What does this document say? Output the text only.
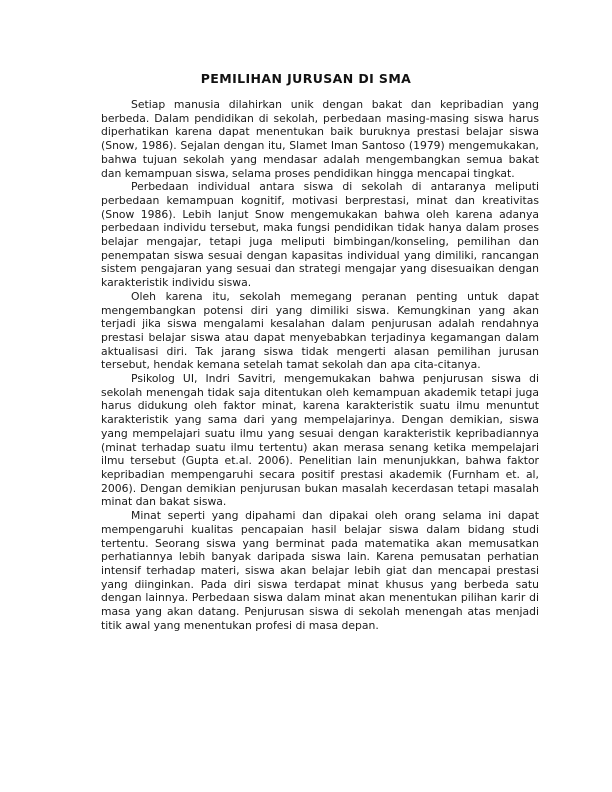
PEMILIHAN JURUSAN DI SMA

Setiap manusia dilahirkan unik dengan bakat dan kepribadian yang berbeda. Dalam pendidikan di sekolah, perbedaan masing-masing siswa harus diperhatikan karena dapat menentukan baik buruknya prestasi belajar siswa (Snow, 1986). Sejalan dengan itu, Slamet Iman Santoso (1979) mengemukakan, bahwa tujuan sekolah yang mendasar adalah mengembangkan semua bakat dan kemampuan siswa, selama proses pendidikan hingga mencapai tingkat.

Perbedaan individual antara siswa di sekolah di antaranya meliputi perbedaan kemampuan kognitif, motivasi berprestasi, minat dan kreativitas (Snow 1986). Lebih lanjut Snow mengemukakan bahwa oleh karena adanya perbedaan individu tersebut, maka fungsi pendidikan tidak hanya dalam proses belajar mengajar, tetapi juga meliputi bimbingan/konseling, pemilihan dan penempatan siswa sesuai dengan kapasitas individual yang dimiliki, rancangan sistem pengajaran yang sesuai dan strategi mengajar yang disesuaikan dengan karakteristik individu siswa.

Oleh karena itu, sekolah memegang peranan penting untuk dapat mengembangkan potensi diri yang dimiliki siswa. Kemungkinan yang akan terjadi jika siswa mengalami kesalahan dalam penjurusan adalah rendahnya prestasi belajar siswa atau dapat menyebabkan terjadinya kegamangan dalam aktualisasi diri. Tak jarang siswa tidak mengerti alasan pemilihan jurusan tersebut, hendak kemana setelah tamat sekolah dan apa cita-citanya.

Psikolog UI, Indri Savitri, mengemukakan bahwa penjurusan siswa di sekolah menengah tidak saja ditentukan oleh kemampuan akademik tetapi juga harus didukung oleh faktor minat, karena karakteristik suatu ilmu menuntut karakteristik yang sama dari yang mempelajarinya. Dengan demikian, siswa yang mempelajari suatu ilmu yang sesuai dengan karakteristik kepribadiannya (minat terhadap suatu ilmu tertentu) akan merasa senang ketika mempelajari ilmu tersebut (Gupta et.al. 2006). Penelitian lain menunjukkan, bahwa faktor kepribadian mempengaruhi secara positif prestasi akademik (Furnham et. al, 2006). Dengan demikian penjurusan bukan masalah kecerdasan tetapi masalah minat dan bakat siswa.

Minat seperti yang dipahami dan dipakai oleh orang selama ini dapat mempengaruhi kualitas pencapaian hasil belajar siswa dalam bidang studi tertentu. Seorang siswa yang berminat pada matematika akan memusatkan perhatiannya lebih banyak daripada siswa lain. Karena pemusatan perhatian intensif terhadap materi, siswa akan belajar lebih giat dan mencapai prestasi yang diinginkan. Pada diri siswa terdapat minat khusus yang berbeda satu dengan lainnya. Perbedaan siswa dalam minat akan menentukan pilihan karir di masa yang akan datang. Penjurusan siswa di sekolah menengah atas menjadi titik awal yang menentukan profesi di masa depan.
